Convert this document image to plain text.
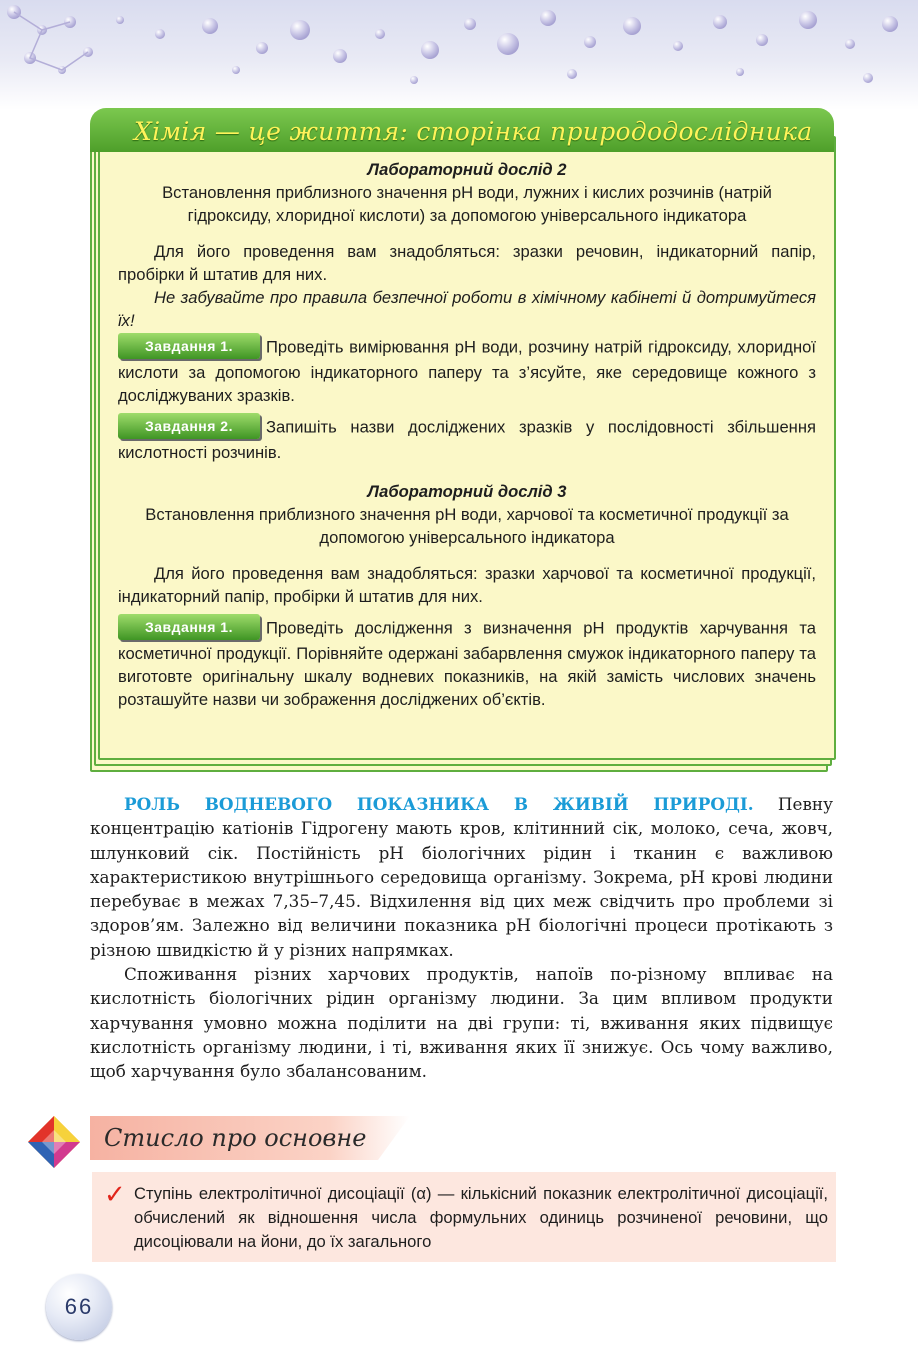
Хімія — це життя: сторінка природодослідника

Лабораторний дослід 2

Встановлення приблизного значення pH води, лужних і кислих розчинів (натрій гідроксиду, хлоридної кислоти) за допомогою універсального індикатора

Для його проведення вам знадобляться: зразки речовин, індикаторний папір, пробірки й штатив для них.

Не забувайте про правила безпечної роботи в хімічному кабінеті й дотримуйтеся їх!

Завдання 1. Проведіть вимірювання pH води, розчину натрій гідроксиду, хлоридної кислоти за допомогою індикаторного паперу та з’ясуйте, яке середовище кожного з досліджуваних зразків.

Завдання 2. Запишіть назви досліджених зразків у послідовності збільшення кислотності розчинів.

Лабораторний дослід 3

Встановлення приблизного значення pH води, харчової та косметичної продукції за допомогою універсального індикатора

Для його проведення вам знадобляться: зразки харчової та косметичної продукції, індикаторний папір, пробірки й штатив для них.

Завдання 1. Проведіть дослідження з визначення pH продуктів харчування та косметичної продукції. Порівняйте одержані забарвлення смужок індикаторного паперу та виготовте оригінальну шкалу водневих показників, на якій замість числових значень розташуйте назви чи зображення досліджених об’єктів.

РОЛЬ ВОДНЕВОГО ПОКАЗНИКА В ЖИВІЙ ПРИРОДІ. Певну концентрацію катіонів Гідрогену мають кров, клітинний сік, молоко, сеча, жовч, шлунковий сік. Постійність pH біологічних рідин і тканин є важливою характеристикою внутрішнього середовища організму. Зокрема, pH крові людини перебуває в межах 7,35–7,45. Відхилення від цих меж свідчить про проблеми зі здоров’ям. Залежно від величини показника pH біологічні процеси протікають з різною швидкістю й у різних напрямках.

Споживання різних харчових продуктів, напоїв по-різному впливає на кислотність біологічних рідин організму людини. За цим впливом продукти харчування умовно можна поділити на дві групи: ті, вживання яких підвищує кислотність організму людини, і ті, вживання яких її знижує. Ось чому важливо, щоб харчування було збалансованим.

Стисло про основне
✓ Ступінь електролітичної дисоціації (α) — кількісний показник електролітичної дисоціації, обчислений як відношення числа формульних одиниць розчиненої речовини, що дисоціювали на йони, до їх загального
66
